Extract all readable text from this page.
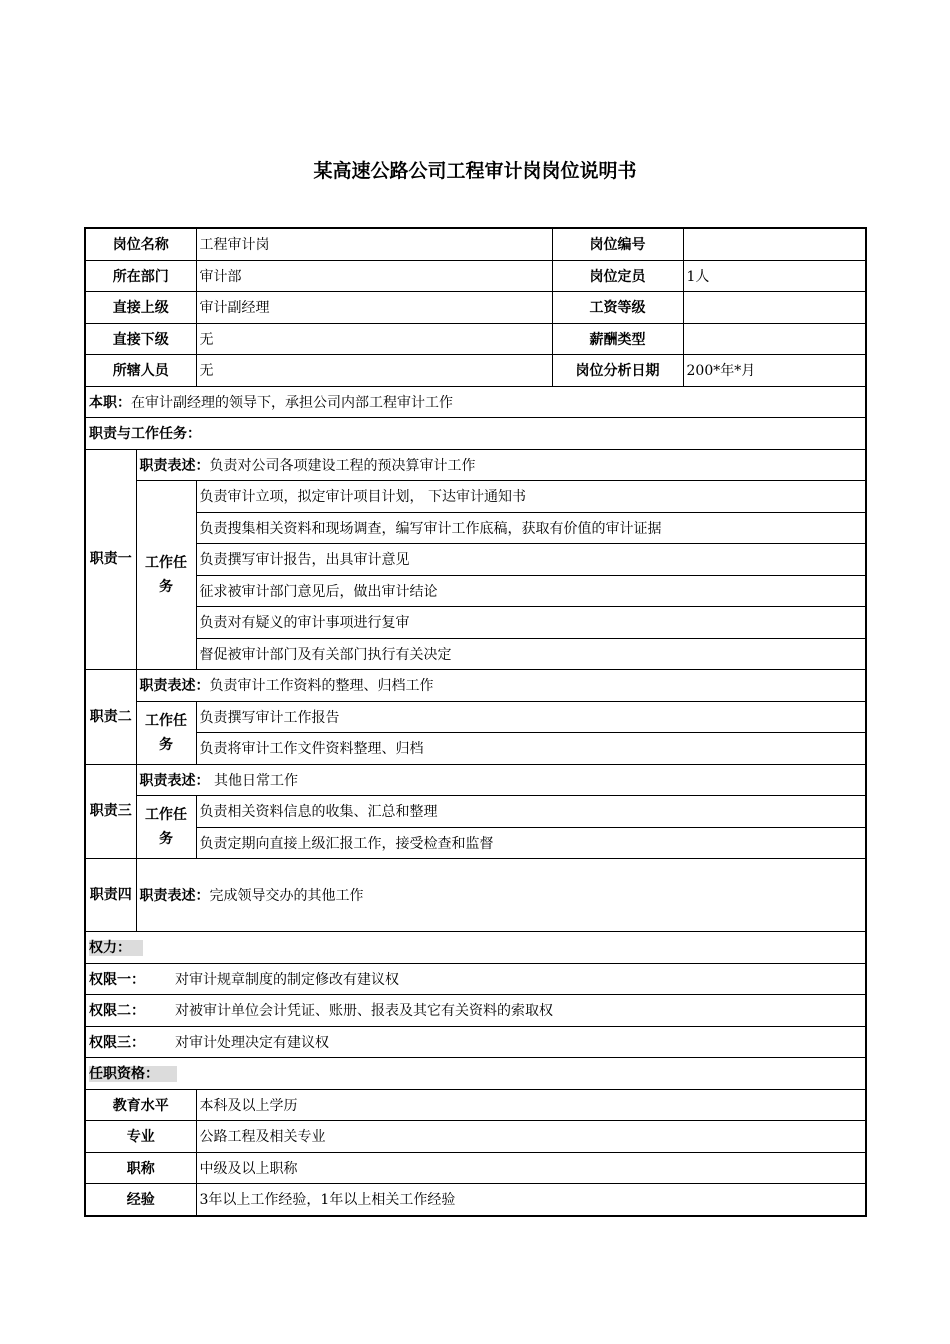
某高速公路公司工程审计岗岗位说明书
岗位名称		工程审计岗	岗位编号	
所在部门		审计部	岗位定员	1人
直接上级		审计副经理	工资等级	
直接下级		无	薪酬类型	
所辖人员		无	岗位分析日期	200*年*月
本职：在审计副经理的领导下，承担公司内部工程审计工作				
职责与工作任务：				
职责一	职责表述：负责对公司各项建设工程的预决算审计工作			
	工作任务	负责审计立项，拟定审计项目计划， 下达审计通知书		
		负责搜集相关资料和现场调查，编写审计工作底稿，获取有价值的审计证据		
		负责撰写审计报告，出具审计意见		
		征求被审计部门意见后，做出审计结论		
		负责对有疑义的审计事项进行复审		
		督促被审计部门及有关部门执行有关决定		
职责二	职责表述：负责审计工作资料的整理、归档工作			
	工作任务	负责撰写审计工作报告		
		负责将审计工作文件资料整理、归档		
职责三	职责表述： 其他日常工作			
	工作任务	负责相关资料信息的收集、汇总和整理		
		负责定期向直接上级汇报工作，接受检查和监督		
职责四	职责表述：完成领导交办的其他工作			
权力：				
权限一： 对审计规章制度的制定修改有建议权				
权限二： 对被审计单位会计凭证、账册、报表及其它有关资料的索取权				
权限三： 对审计处理决定有建议权				
任职资格：				
教育水平		本科及以上学历		
专业		公路工程及相关专业		
职称		中级及以上职称		
经验		3年以上工作经验，1年以上相关工作经验		
